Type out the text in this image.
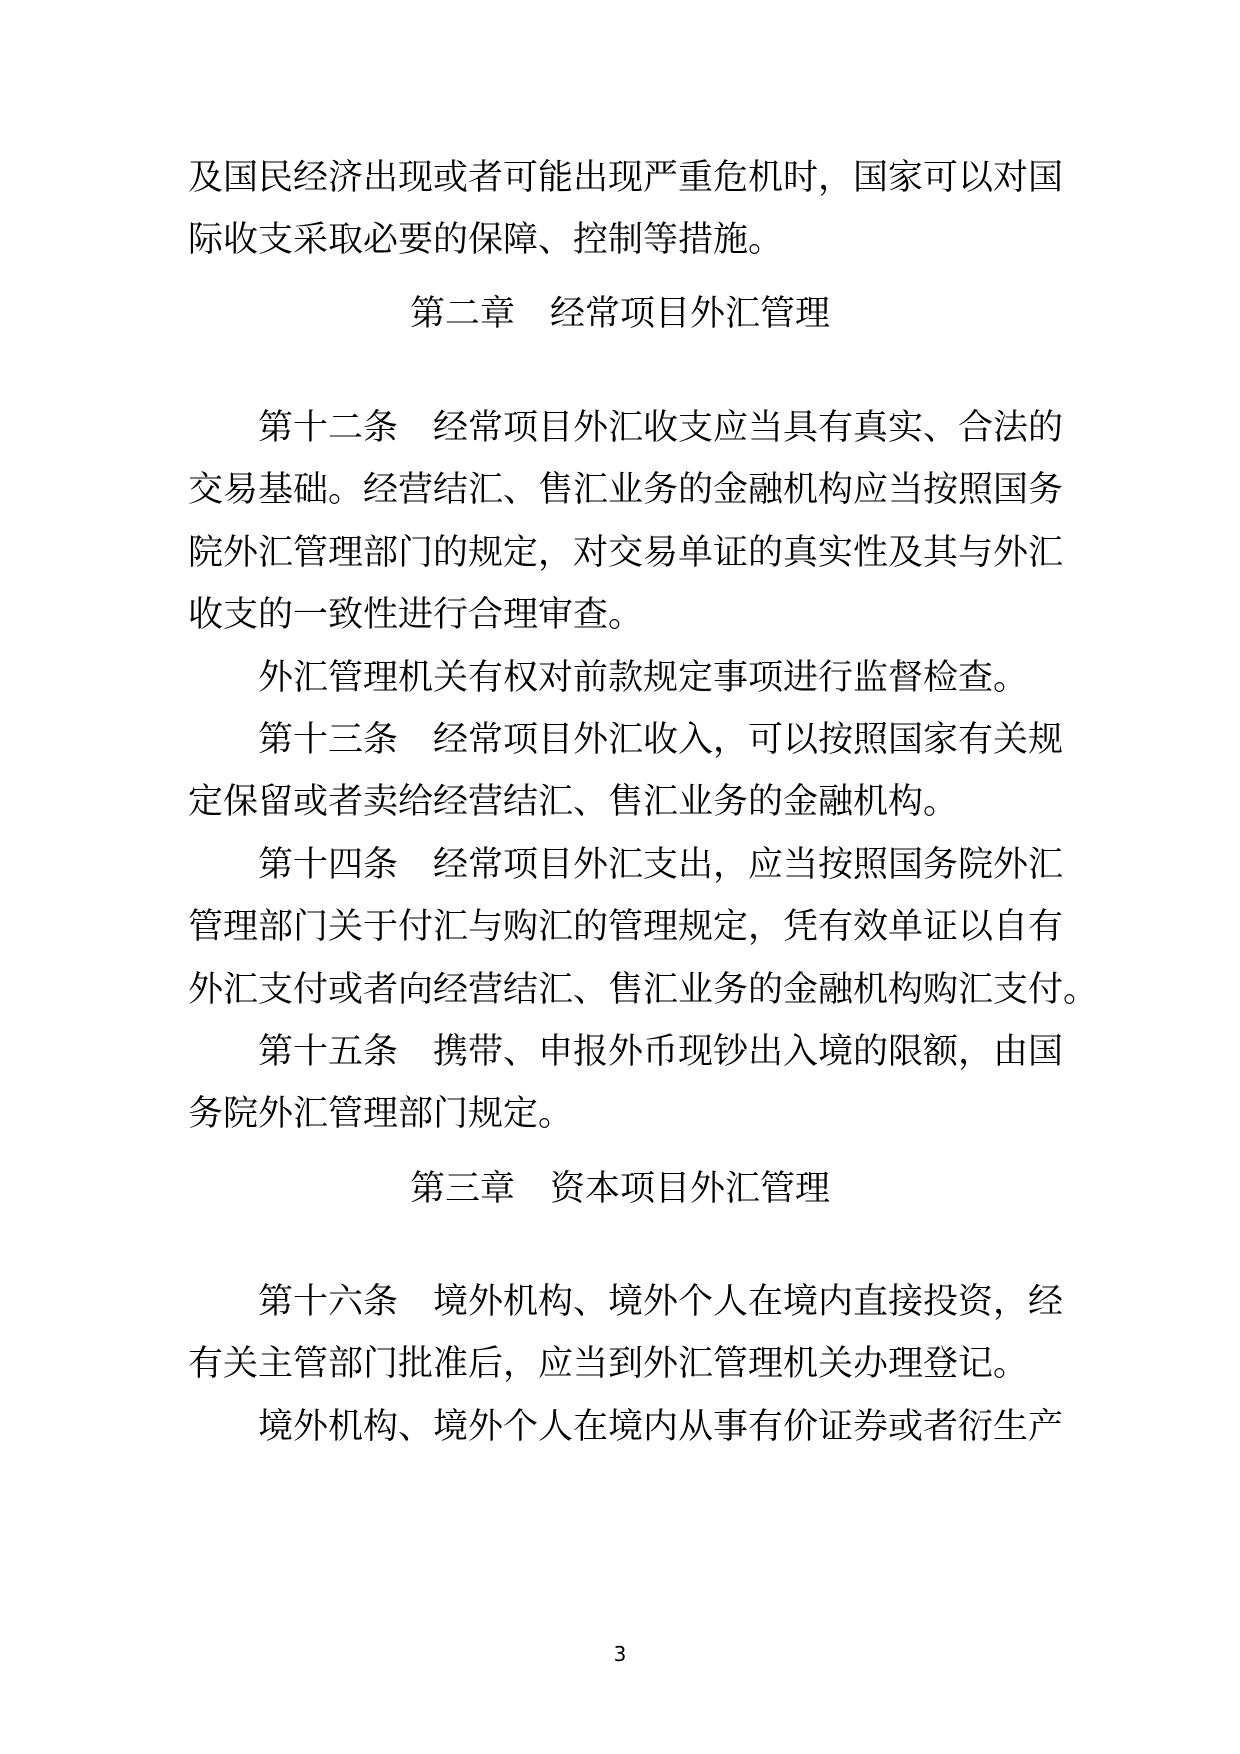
及国民经济出现或者可能出现严重危机时，国家可以对国
际收支采取必要的保障、控制等措施。
第二章　经常项目外汇管理
　　第十二条　经常项目外汇收支应当具有真实、合法的
交易基础。经营结汇、售汇业务的金融机构应当按照国务
院外汇管理部门的规定，对交易单证的真实性及其与外汇
收支的一致性进行合理审查。
　　外汇管理机关有权对前款规定事项进行监督检查。
　　第十三条　经常项目外汇收入，可以按照国家有关规
定保留或者卖给经营结汇、售汇业务的金融机构。
　　第十四条　经常项目外汇支出，应当按照国务院外汇
管理部门关于付汇与购汇的管理规定，凭有效单证以自有
外汇支付或者向经营结汇、售汇业务的金融机构购汇支付。
　　第十五条　携带、申报外币现钞出入境的限额，由国
务院外汇管理部门规定。
第三章　资本项目外汇管理
　　第十六条　境外机构、境外个人在境内直接投资，经
有关主管部门批准后，应当到外汇管理机关办理登记。
　　境外机构、境外个人在境内从事有价证券或者衍生产
3
